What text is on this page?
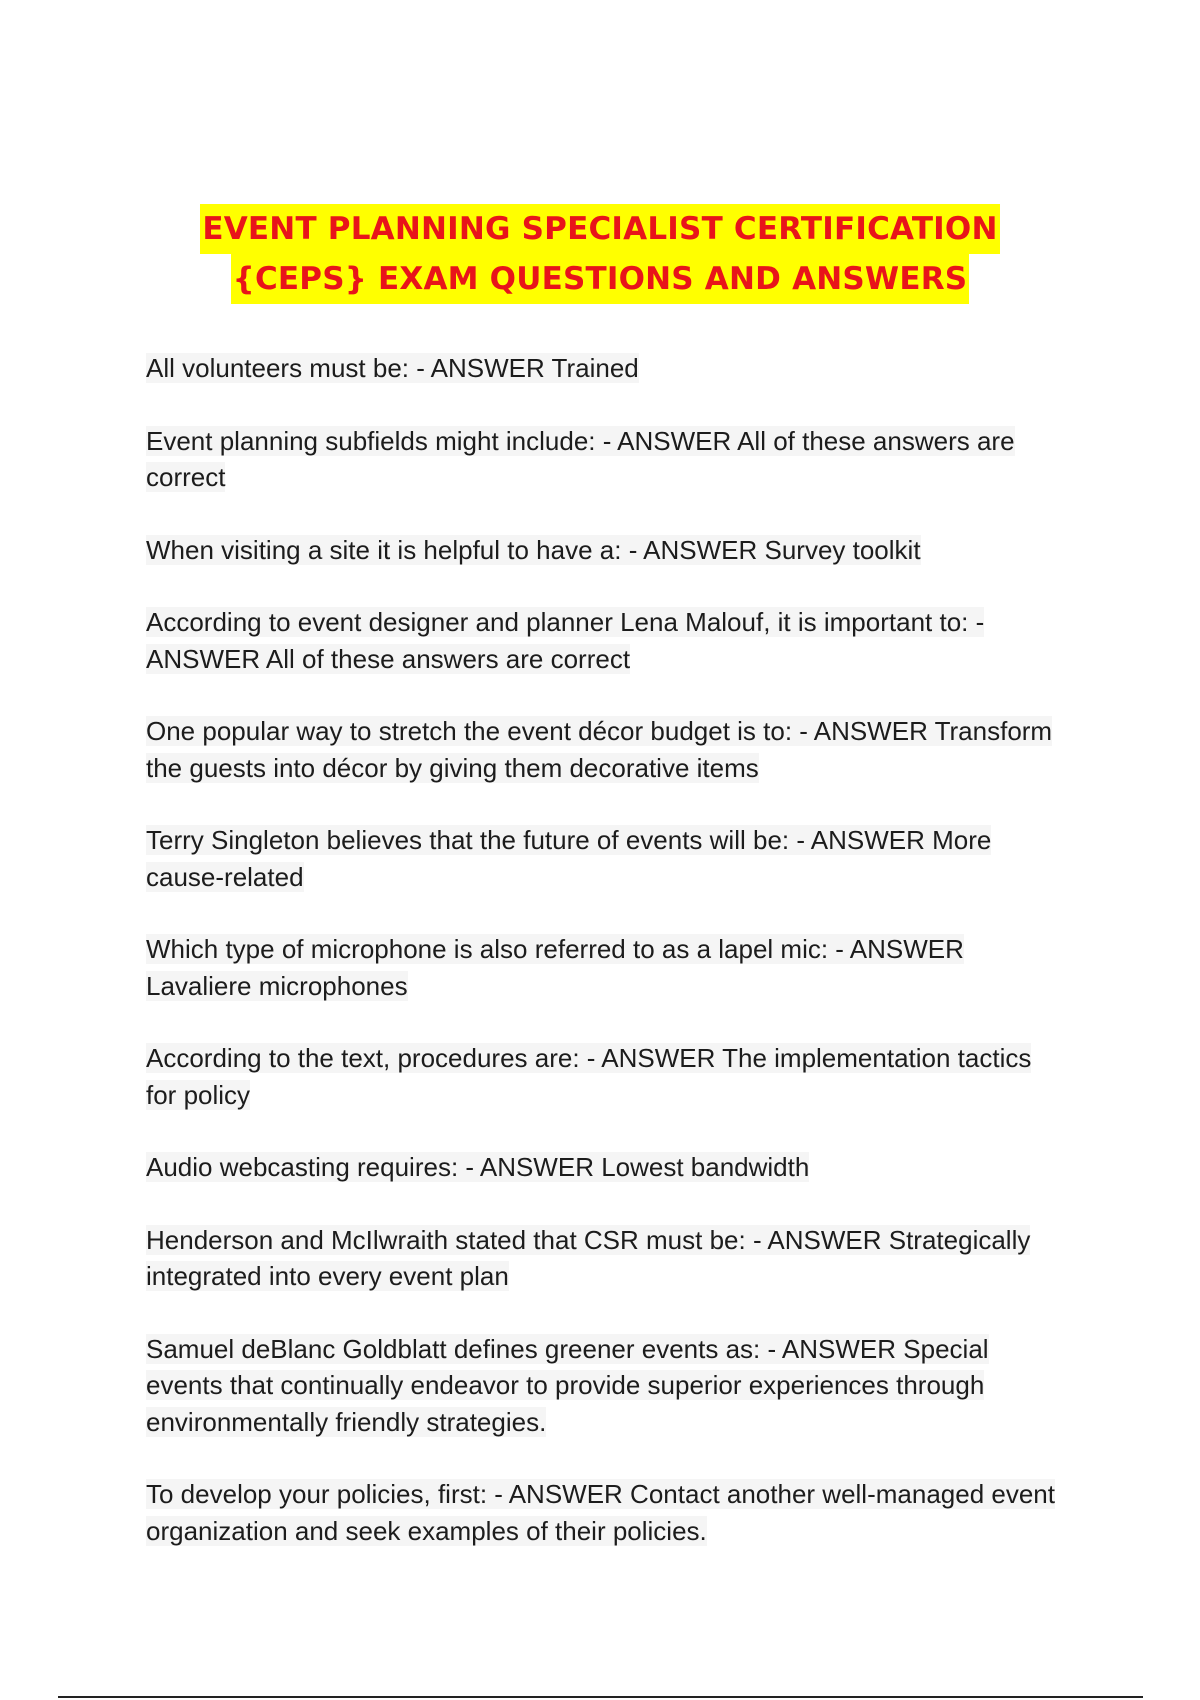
EVENT PLANNING SPECIALIST CERTIFICATION
{CEPS} EXAM QUESTIONS AND ANSWERS
All volunteers must be: - ANSWER Trained
Event planning subfields might include: - ANSWER All of these answers are correct
When visiting a site it is helpful to have a: - ANSWER Survey toolkit
According to event designer and planner Lena Malouf, it is important to: - ANSWER All of these answers are correct
One popular way to stretch the event décor budget is to: - ANSWER Transform the guests into décor by giving them decorative items
Terry Singleton believes that the future of events will be: - ANSWER More cause-related
Which type of microphone is also referred to as a lapel mic: - ANSWER Lavaliere microphones
According to the text, procedures are: - ANSWER The implementation tactics for policy
Audio webcasting requires: - ANSWER Lowest bandwidth
Henderson and McIlwraith stated that CSR must be: - ANSWER Strategically integrated into every event plan
Samuel deBlanc Goldblatt defines greener events as: - ANSWER Special events that continually endeavor to provide superior experiences through environmentally friendly strategies.
To develop your policies, first: - ANSWER Contact another well-managed event organization and seek examples of their policies.
